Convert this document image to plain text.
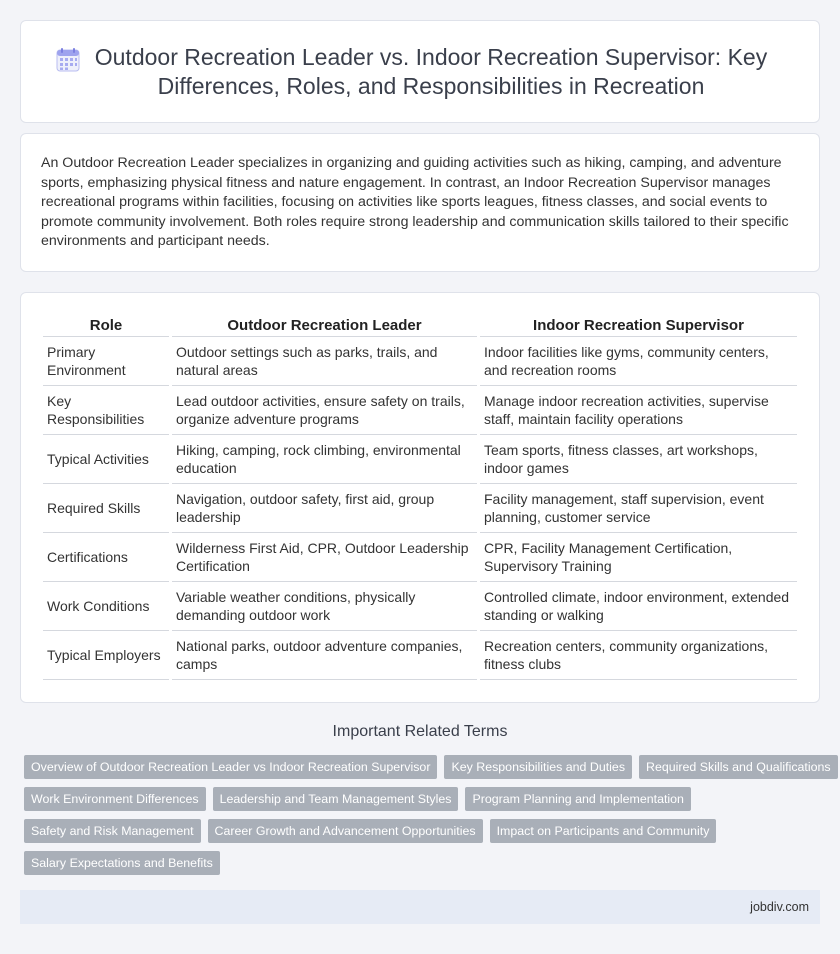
Outdoor Recreation Leader vs. Indoor Recreation Supervisor: Key Differences, Roles, and Responsibilities in Recreation

An Outdoor Recreation Leader specializes in organizing and guiding activities such as hiking, camping, and adventure sports, emphasizing physical fitness and nature engagement. In contrast, an Indoor Recreation Supervisor manages recreational programs within facilities, focusing on activities like sports leagues, fitness classes, and social events to promote community involvement. Both roles require strong leadership and communication skills tailored to their specific environments and participant needs.

Role	Outdoor Recreation Leader	Indoor Recreation Supervisor
Primary Environment	Outdoor settings such as parks, trails, and natural areas	Indoor facilities like gyms, community centers, and recreation rooms
Key Responsibilities	Lead outdoor activities, ensure safety on trails, organize adventure programs	Manage indoor recreation activities, supervise staff, maintain facility operations
Typical Activities	Hiking, camping, rock climbing, environmental education	Team sports, fitness classes, art workshops, indoor games
Required Skills	Navigation, outdoor safety, first aid, group leadership	Facility management, staff supervision, event planning, customer service
Certifications	Wilderness First Aid, CPR, Outdoor Leadership Certification	CPR, Facility Management Certification, Supervisory Training
Work Conditions	Variable weather conditions, physically demanding outdoor work	Controlled climate, indoor environment, extended standing or walking
Typical Employers	National parks, outdoor adventure companies, camps	Recreation centers, community organizations, fitness clubs
Important Related Terms
Overview of Outdoor Recreation Leader vs Indoor Recreation Supervisor	Key Responsibilities and Duties	Required Skills and Qualifications
Work Environment Differences	Leadership and Team Management Styles	Program Planning and Implementation
Safety and Risk Management	Career Growth and Advancement Opportunities	Impact on Participants and Community
Salary Expectations and Benefits
jobdiv.com
